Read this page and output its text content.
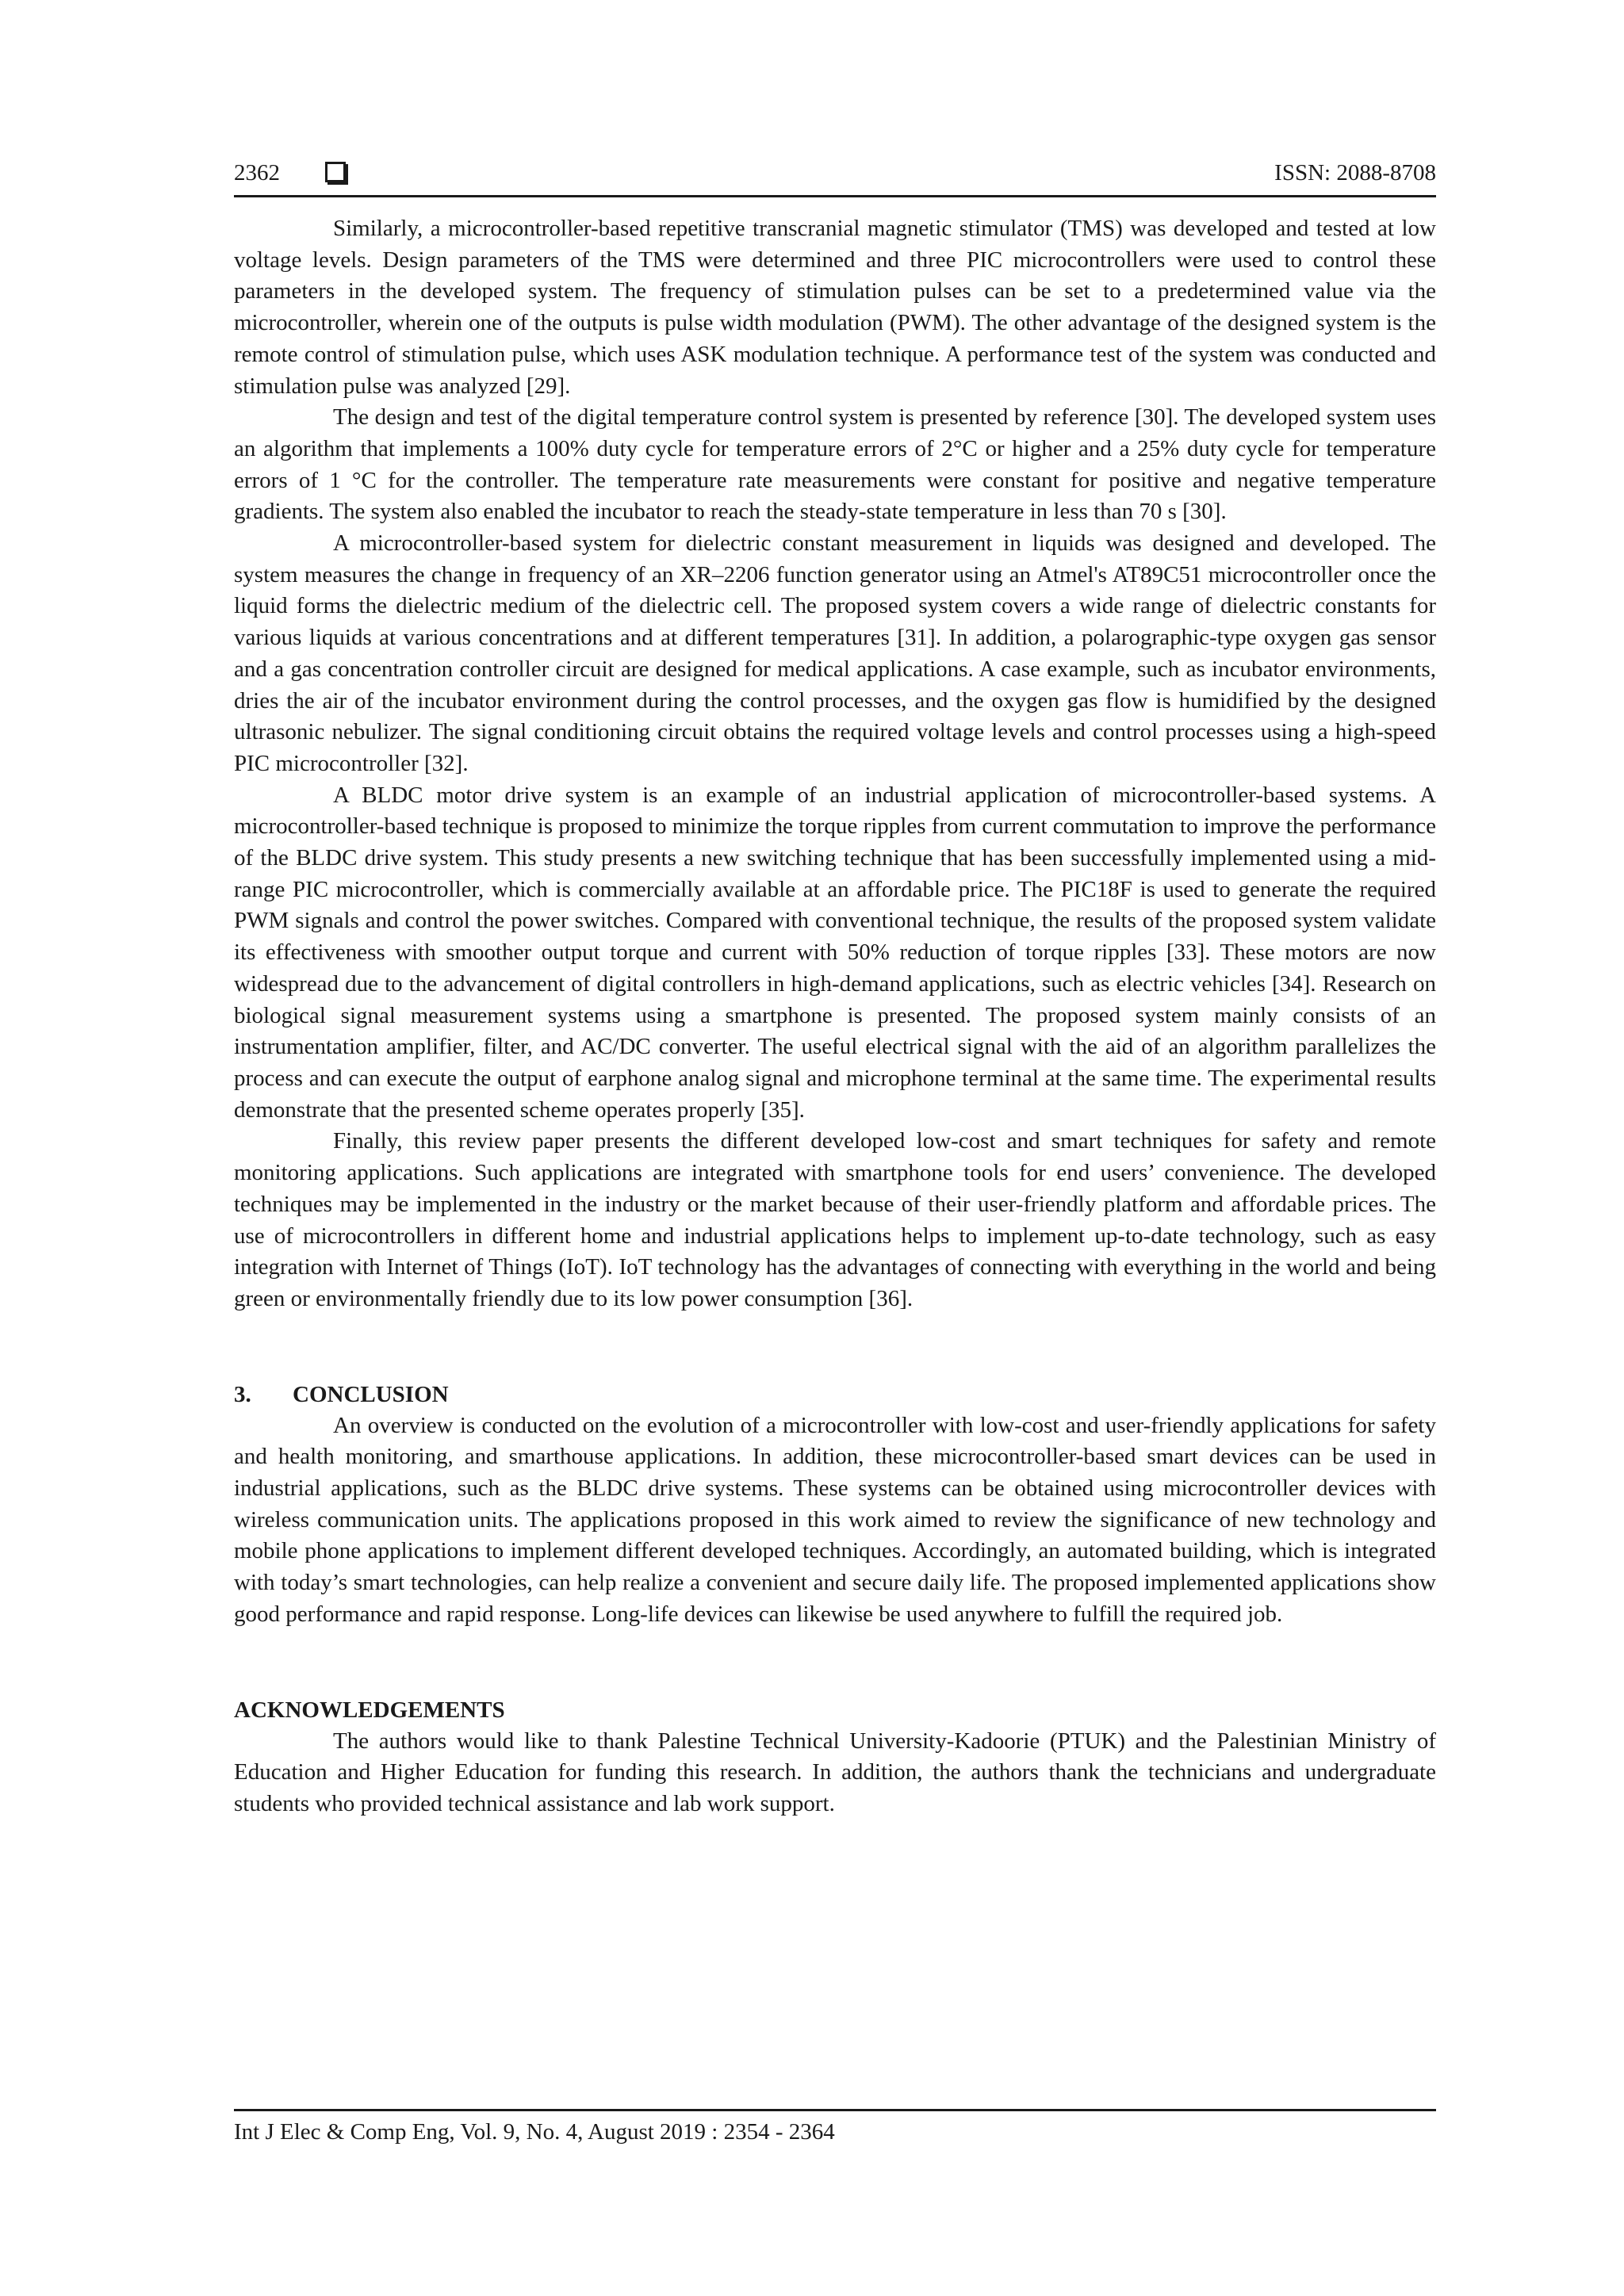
2362	ISSN: 2088-8708

Similarly, a microcontroller-based repetitive transcranial magnetic stimulator (TMS) was developed and tested at low voltage levels. Design parameters of the TMS were determined and three PIC microcontrollers were used to control these parameters in the developed system. The frequency of stimulation pulses can be set to a predetermined value via the microcontroller, wherein one of the outputs is pulse width modulation (PWM). The other advantage of the designed system is the remote control of stimulation pulse, which uses ASK modulation technique. A performance test of the system was conducted and stimulation pulse was analyzed [29].

The design and test of the digital temperature control system is presented by reference [30]. The developed system uses an algorithm that implements a 100% duty cycle for temperature errors of 2°C or higher and a 25% duty cycle for temperature errors of 1 °C for the controller. The temperature rate measurements were constant for positive and negative temperature gradients. The system also enabled the incubator to reach the steady-state temperature in less than 70 s [30].

A microcontroller-based system for dielectric constant measurement in liquids was designed and developed. The system measures the change in frequency of an XR–2206 function generator using an Atmel's AT89C51 microcontroller once the liquid forms the dielectric medium of the dielectric cell. The proposed system covers a wide range of dielectric constants for various liquids at various concentrations and at different temperatures [31]. In addition, a polarographic-type oxygen gas sensor and a gas concentration controller circuit are designed for medical applications. A case example, such as incubator environments, dries the air of the incubator environment during the control processes, and the oxygen gas flow is humidified by the designed ultrasonic nebulizer. The signal conditioning circuit obtains the required voltage levels and control processes using a high-speed PIC microcontroller [32].

A BLDC motor drive system is an example of an industrial application of microcontroller-based systems. A microcontroller-based technique is proposed to minimize the torque ripples from current commutation to improve the performance of the BLDC drive system. This study presents a new switching technique that has been successfully implemented using a mid-range PIC microcontroller, which is commercially available at an affordable price. The PIC18F is used to generate the required PWM signals and control the power switches. Compared with conventional technique, the results of the proposed system validate its effectiveness with smoother output torque and current with 50% reduction of torque ripples [33]. These motors are now widespread due to the advancement of digital controllers in high-demand applications, such as electric vehicles [34]. Research on biological signal measurement systems using a smartphone is presented. The proposed system mainly consists of an instrumentation amplifier, filter, and AC/DC converter. The useful electrical signal with the aid of an algorithm parallelizes the process and can execute the output of earphone analog signal and microphone terminal at the same time. The experimental results demonstrate that the presented scheme operates properly [35].

Finally, this review paper presents the different developed low-cost and smart techniques for safety and remote monitoring applications. Such applications are integrated with smartphone tools for end users’ convenience. The developed techniques may be implemented in the industry or the market because of their user-friendly platform and affordable prices. The use of microcontrollers in different home and industrial applications helps to implement up-to-date technology, such as easy integration with Internet of Things (IoT). IoT technology has the advantages of connecting with everything in the world and being green or environmentally friendly due to its low power consumption [36].

3. CONCLUSION

An overview is conducted on the evolution of a microcontroller with low-cost and user-friendly applications for safety and health monitoring, and smarthouse applications. In addition, these microcontroller-based smart devices can be used in industrial applications, such as the BLDC drive systems. These systems can be obtained using microcontroller devices with wireless communication units. The applications proposed in this work aimed to review the significance of new technology and mobile phone applications to implement different developed techniques. Accordingly, an automated building, which is integrated with today’s smart technologies, can help realize a convenient and secure daily life. The proposed implemented applications show good performance and rapid response. Long-life devices can likewise be used anywhere to fulfill the required job.

ACKNOWLEDGEMENTS

The authors would like to thank Palestine Technical University-Kadoorie (PTUK) and the Palestinian Ministry of Education and Higher Education for funding this research. In addition, the authors thank the technicians and undergraduate students who provided technical assistance and lab work support.

Int J Elec & Comp Eng, Vol. 9, No. 4, August 2019 : 2354 - 2364
